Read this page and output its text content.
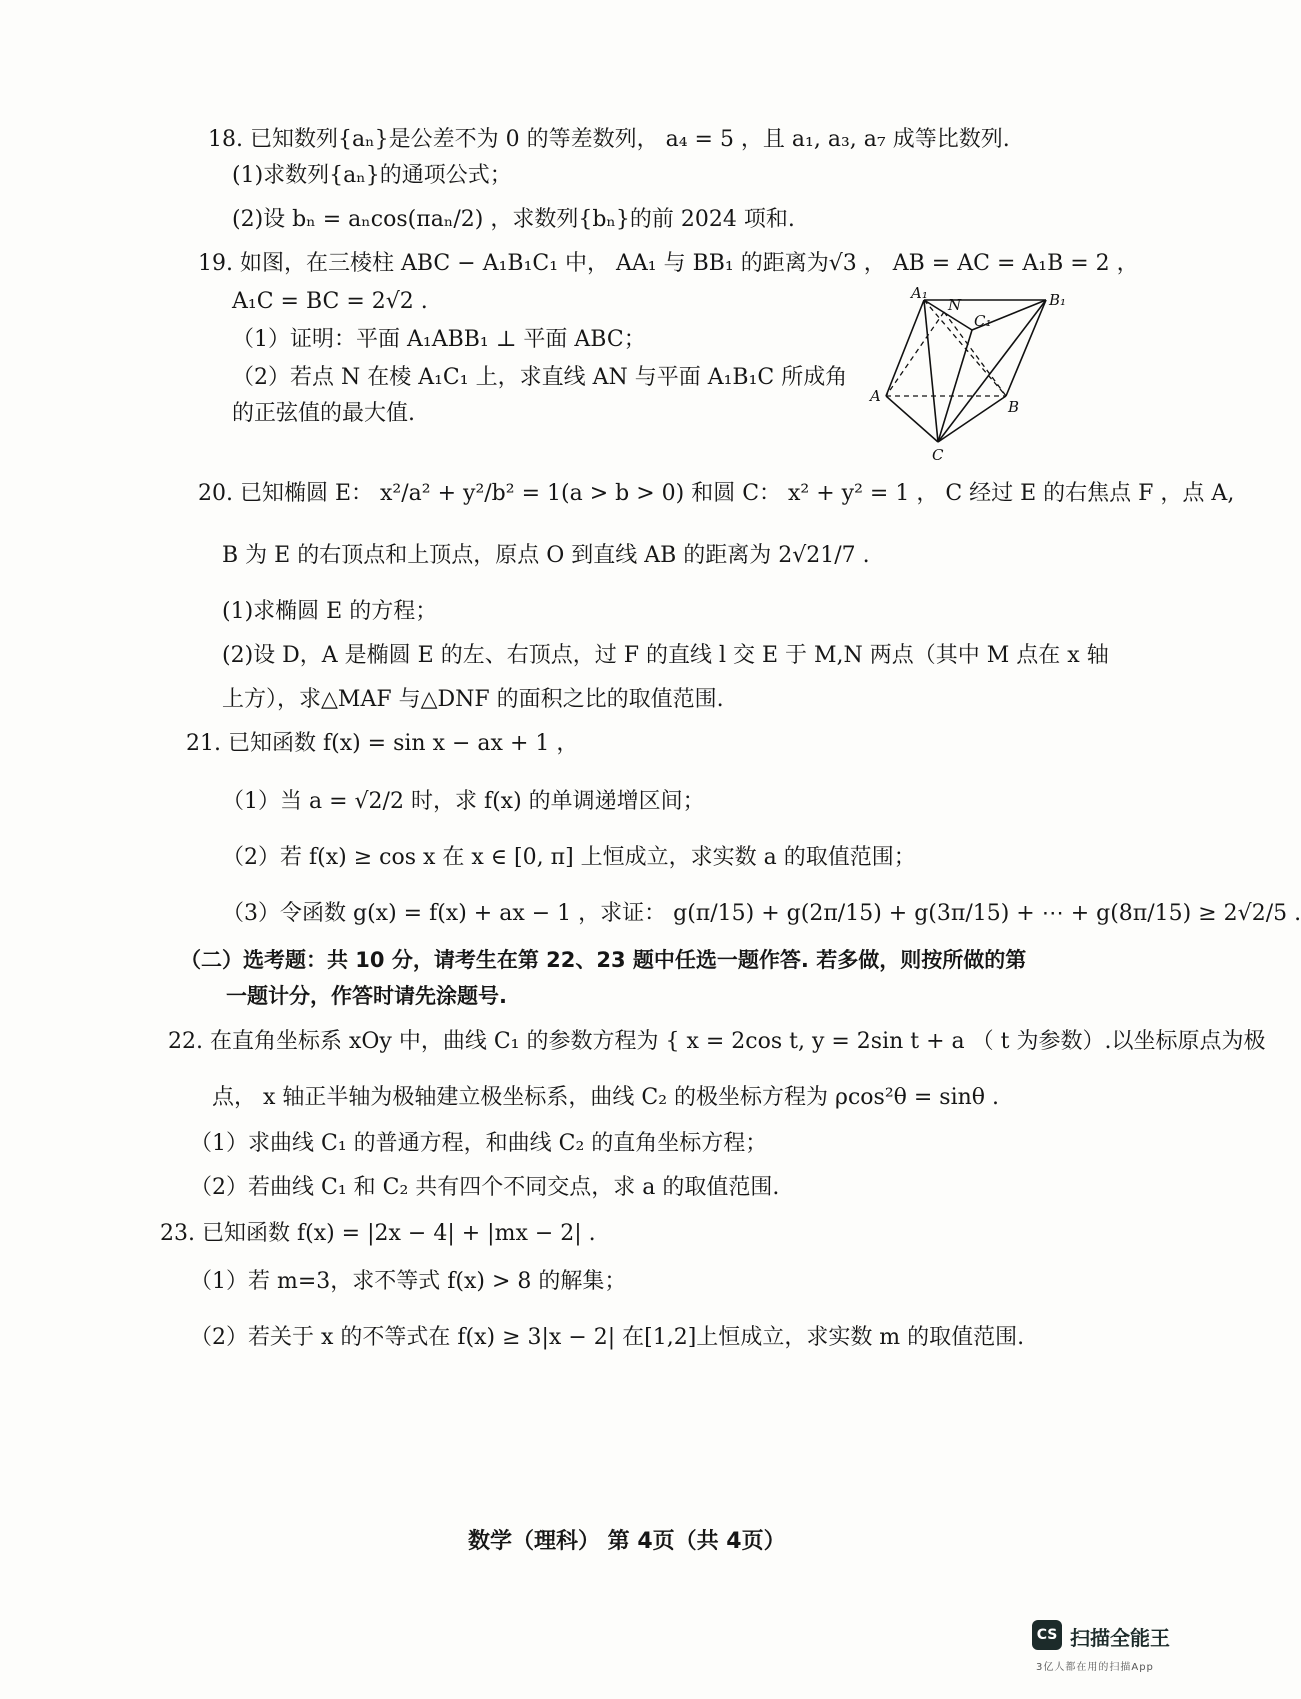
18. 已知数列{aₙ}是公差不为 0 的等差数列， a₄ = 5 ，且 a₁, a₃, a₇ 成等比数列.
(1)求数列{aₙ}的通项公式；
(2)设 bₙ = aₙcos(πaₙ/2) ，求数列{bₙ}的前 2024 项和.
19. 如图，在三棱柱 ABC − A₁B₁C₁ 中， AA₁ 与 BB₁ 的距离为√3 ， AB = AC = A₁B = 2 ，
A₁C = BC = 2√2 .
（1）证明：平面 A₁ABB₁ ⊥ 平面 ABC；
（2）若点 N 在棱 A₁C₁ 上，求直线 AN 与平面 A₁B₁C 所成角
的正弦值的最大值.
A₁
N
C₁
B₁
A
B
C
20. 已知椭圆 E： x²/a² + y²/b² = 1(a > b > 0) 和圆 C： x² + y² = 1 ， C 经过 E 的右焦点 F ，点 A,
B 为 E 的右顶点和上顶点，原点 O 到直线 AB 的距离为 2√21/7 .
(1)求椭圆 E 的方程；
(2)设 D，A 是椭圆 E 的左、右顶点，过 F 的直线 l 交 E 于 M,N 两点（其中 M 点在 x 轴
上方），求△MAF 与△DNF 的面积之比的取值范围.
21. 已知函数 f(x) = sin x − ax + 1 ，
（1）当 a = √2/2 时，求 f(x) 的单调递增区间；
（2）若 f(x) ≥ cos x 在 x ∈ [0, π] 上恒成立，求实数 a 的取值范围；
（3）令函数 g(x) = f(x) + ax − 1 ，求证： g(π/15) + g(2π/15) + g(3π/15) + ⋯ + g(8π/15) ≥ 2√2/5 .
（二）选考题：共 10 分，请考生在第 22、23 题中任选一题作答. 若多做，则按所做的第
一题计分，作答时请先涂题号.
22. 在直角坐标系 xOy 中，曲线 C₁ 的参数方程为 { x = 2cos t, y = 2sin t + a （ t 为参数）.以坐标原点为极
点， x 轴正半轴为极轴建立极坐标系，曲线 C₂ 的极坐标方程为 ρcos²θ = sinθ .
（1）求曲线 C₁ 的普通方程，和曲线 C₂ 的直角坐标方程；
（2）若曲线 C₁ 和 C₂ 共有四个不同交点，求 a 的取值范围.
23. 已知函数 f(x) = |2x − 4| + |mx − 2| .
（1）若 m=3，求不等式 f(x) > 8 的解集；
（2）若关于 x 的不等式在 f(x) ≥ 3|x − 2| 在[1,2]上恒成立，求实数 m 的取值范围.
数学（理科） 第 4页（共 4页）
CS 扫描全能王
3亿人都在用的扫描App
